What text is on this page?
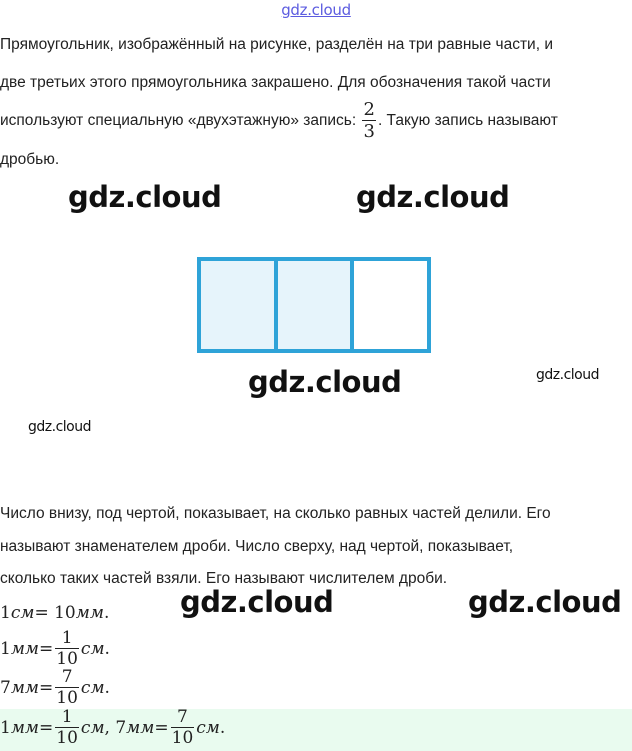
gdz.cloud

Прямоугольник, изображённый на рисунке, разделён на три равные части, и
две третьих этого прямоугольника закрашено. Для обозначения такой части
используют специальную «двухэтажную» запись: $\frac{2}{3}$ . Такую запись называют
дробью.

gdz.cloud	gdz.cloud
gdz.cloud	gdz.cloud
gdz.cloud

Число внизу, под чертой, показывает, на сколько равных частей делили. Его
называют знаменателем дроби. Число сверху, над чертой, показывает,
сколько таких частей взяли. Его называют числителем дроби.

1 см = 10 мм .
1 мм = $\frac{1}{10}$ см .
7 мм = $\frac{7}{10}$ см .
1 мм = $\frac{1}{10}$ см , 7 мм = $\frac{7}{10}$ см .
gdz.cloud	gdz.cloud
